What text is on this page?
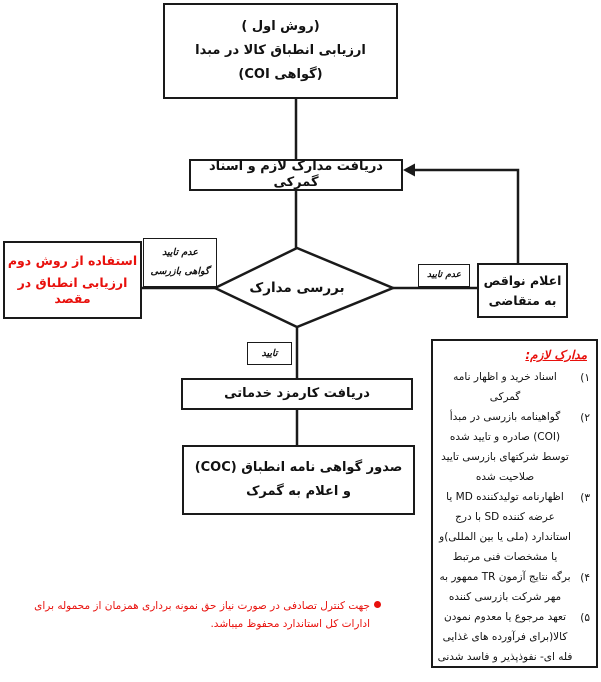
(روش اول )
ارزیابی انطباق کالا در مبدا
(گواهی COI)
دریافت مدارک لازم و اسناد گمرکی
بررسی مدارک
عدم تایید
گواهی بازرسی
استفاده از روش دوم
ارزیابی انطباق در مقصد
عدم تایید	اعلام نواقص
به متقاضی
تایید
دریافت کارمزد خدماتی
صدور گواهی نامه انطباق (COC)
و اعلام به گمرک
مدارک لازم:
۱)
اسناد خرید و اظهار نامه گمرکی
۲)
گواهینامه بازرسی در مبدأ (COI) صادره و تایید شده توسط شرکتهای بازرسی تایید صلاحیت شده
۳)
اظهارنامه تولیدکننده MD یا عرضه کننده SD با درج استاندارد (ملی یا بین المللی)و یا مشخصات فنی مرتبط
۴)
برگه نتایج آزمون TR ممهور به مهر شرکت بازرسی کننده
۵)
تعهد مرجوع یا معدوم نمودن کالا(برای فرآورده های غذایی فله ای- نفوذپذیر و فاسد شدنی
جهت کنترل تصادفی در صورت نیاز حق نمونه برداری همزمان از محموله برای ادارات کل استاندارد محفوظ میباشد.
